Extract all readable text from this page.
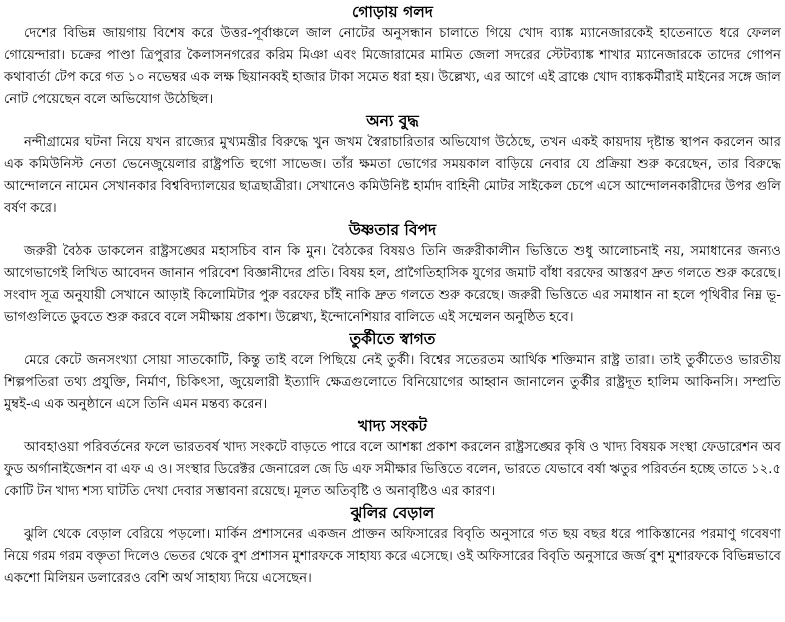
গোড়ায় গলদ

দেশের বিভিন্ন জায়গায় বিশেষ করে উত্তর-পূর্বাঞ্চলে জাল নোটের অনুসন্ধান চালাতে গিয়ে খোদ ব্যাঙ্ক ম্যানেজারকেই হাতেনাতে ধরে ফেলল গোয়েন্দারা। চক্রের পাণ্ডা ত্রিপুরার কৈলাসনগরের করিম মিঞা এবং মিজোরামের মামিত জেলা সদরের স্টেটব্যাঙ্ক শাখার ম্যানেজারকে তাদের গোপন কথাবার্তা টেপ করে গত ১০ নভেম্বর এক লক্ষ ছিয়ানব্বই হাজার টাকা সমেত ধরা হয়। উল্লেখ্য, এর আগে এই ব্রাঞ্চে খোদ ব্যাঙ্ককর্মীরাই মাইনের সঙ্গে জাল নোট পেয়েছেন বলে অভিযোগ উঠেছিল।

অন্য বুদ্ধ

নন্দীগ্রামের ঘটনা নিয়ে যখন রাজ্যের মুখ্যমন্ত্রীর বিরুদ্ধে খুন জখম স্বৈরাচারিতার অভিযোগ উঠেছে, তখন একই কায়দায় দৃষ্টান্ত স্থাপন করলেন আর এক কমিউনিস্ট নেতা ভেনেজুয়েলার রাষ্ট্রপতি হুগো সাভেজ। তাঁর ক্ষমতা ভোগের সময়কাল বাড়িয়ে নেবার যে প্রক্রিয়া শুরু করেছেন, তার বিরুদ্ধে আন্দোলনে নামেন সেখানকার বিশ্ববিদ্যালয়ের ছাত্রছাত্রীরা। সেখানেও কমিউনিষ্ট হার্মাদ বাহিনী মোটর সাইকেল চেপে এসে আন্দোলনকারীদের উপর গুলি বর্ষণ করে।

উষ্ণতার বিপদ

জরুরী বৈঠক ডাকলেন রাষ্ট্রসঙ্ঘের মহাসচিব বান কি মুন। বৈঠকের বিষয়ও তিনি জরুরীকালীন ভিত্তিতে শুধু আলোচনাই নয়, সমাধানের জন্যও আগেভাগেই লিখিত আবেদন জানান পরিবেশ বিজ্ঞানীদের প্রতি। বিষয় হল, প্রাগৈতিহাসিক যুগের জমাট বাঁধা বরফের আস্তরণ দ্রুত গলতে শুরু করেছে। সংবাদ সূত্র অনুযায়ী সেখানে আড়াই কিলোমিটার পুরু বরফের চাঁই নাকি দ্রুত গলতে শুরু করেছে। জরুরী ভিত্তিতে এর সমাধান না হলে পৃথিবীর নিম্ন ভূ-ভাগগুলিতে ডুবতে শুরু করবে বলে সমীক্ষায় প্রকাশ। উল্লেখ্য, ইন্দোনেশিয়ার বালিতে এই সম্মেলন অনুষ্ঠিত হবে।

তুর্কীতে স্বাগত

মেরে কেটে জনসংখ্যা সোয়া সাতকোটি, কিন্তু তাই বলে পিছিয়ে নেই তুর্কী। বিশ্বের সতেরতম আর্থিক শক্তিমান রাষ্ট্র তারা। তাই তুর্কীতেও ভারতীয় শিল্পপতিরা তথ্য প্রযুক্তি, নির্মাণ, চিকিৎসা, জুয়েলারী ইত্যাদি ক্ষেত্রগুলোতে বিনিয়োগের আহ্বান জানালেন তুর্কীর রাষ্ট্রদূত হালিম আকিনসি। সম্প্রতি মুম্বই-এ এক অনুষ্ঠানে এসে তিনি এমন মন্তব্য করেন।

খাদ্য সংকট

আবহাওয়া পরিবর্তনের ফলে ভারতবর্ষ খাদ্য সংকটে বাড়তে পারে বলে আশঙ্কা প্রকাশ করলেন রাষ্ট্রসঙ্ঘের কৃষি ও খাদ্য বিষয়ক সংস্থা ফেডারেশন অব ফুড অর্গানাইজেশন বা এফ এ ও। সংস্থার ডিরেক্টর জেনারেল জে ডি এফ সমীক্ষার ভিত্তিতে বলেন, ভারতে যেভাবে বর্ষা ঋতুর পরিবর্তন হচ্ছে তাতে ১২.৫ কোটি টন খাদ্য শস্য ঘাটতি দেখা দেবার সম্ভাবনা রয়েছে। মূলত অতিবৃষ্টি ও অনাবৃষ্টিও এর কারণ।

ঝুলির বেড়াল

ঝুলি থেকে বেড়াল বেরিয়ে পড়লো। মার্কিন প্রশাসনের একজন প্রাক্তন অফিসারের বিবৃতি অনুসারে গত ছয় বছর ধরে পাকিস্তানের পরমাণু গবেষণা নিয়ে গরম গরম বক্তৃতা দিলেও ভেতর থেকে বুশ প্রশাসন মুশারফকে সাহায্য করে এসেছে। ওই অফিসারের বিবৃতি অনুসারে জর্জ বুশ মুশারফকে বিভিন্নভাবে একশো মিলিয়ন ডলারেরও বেশি অর্থ সাহায্য দিয়ে এসেছেন।
